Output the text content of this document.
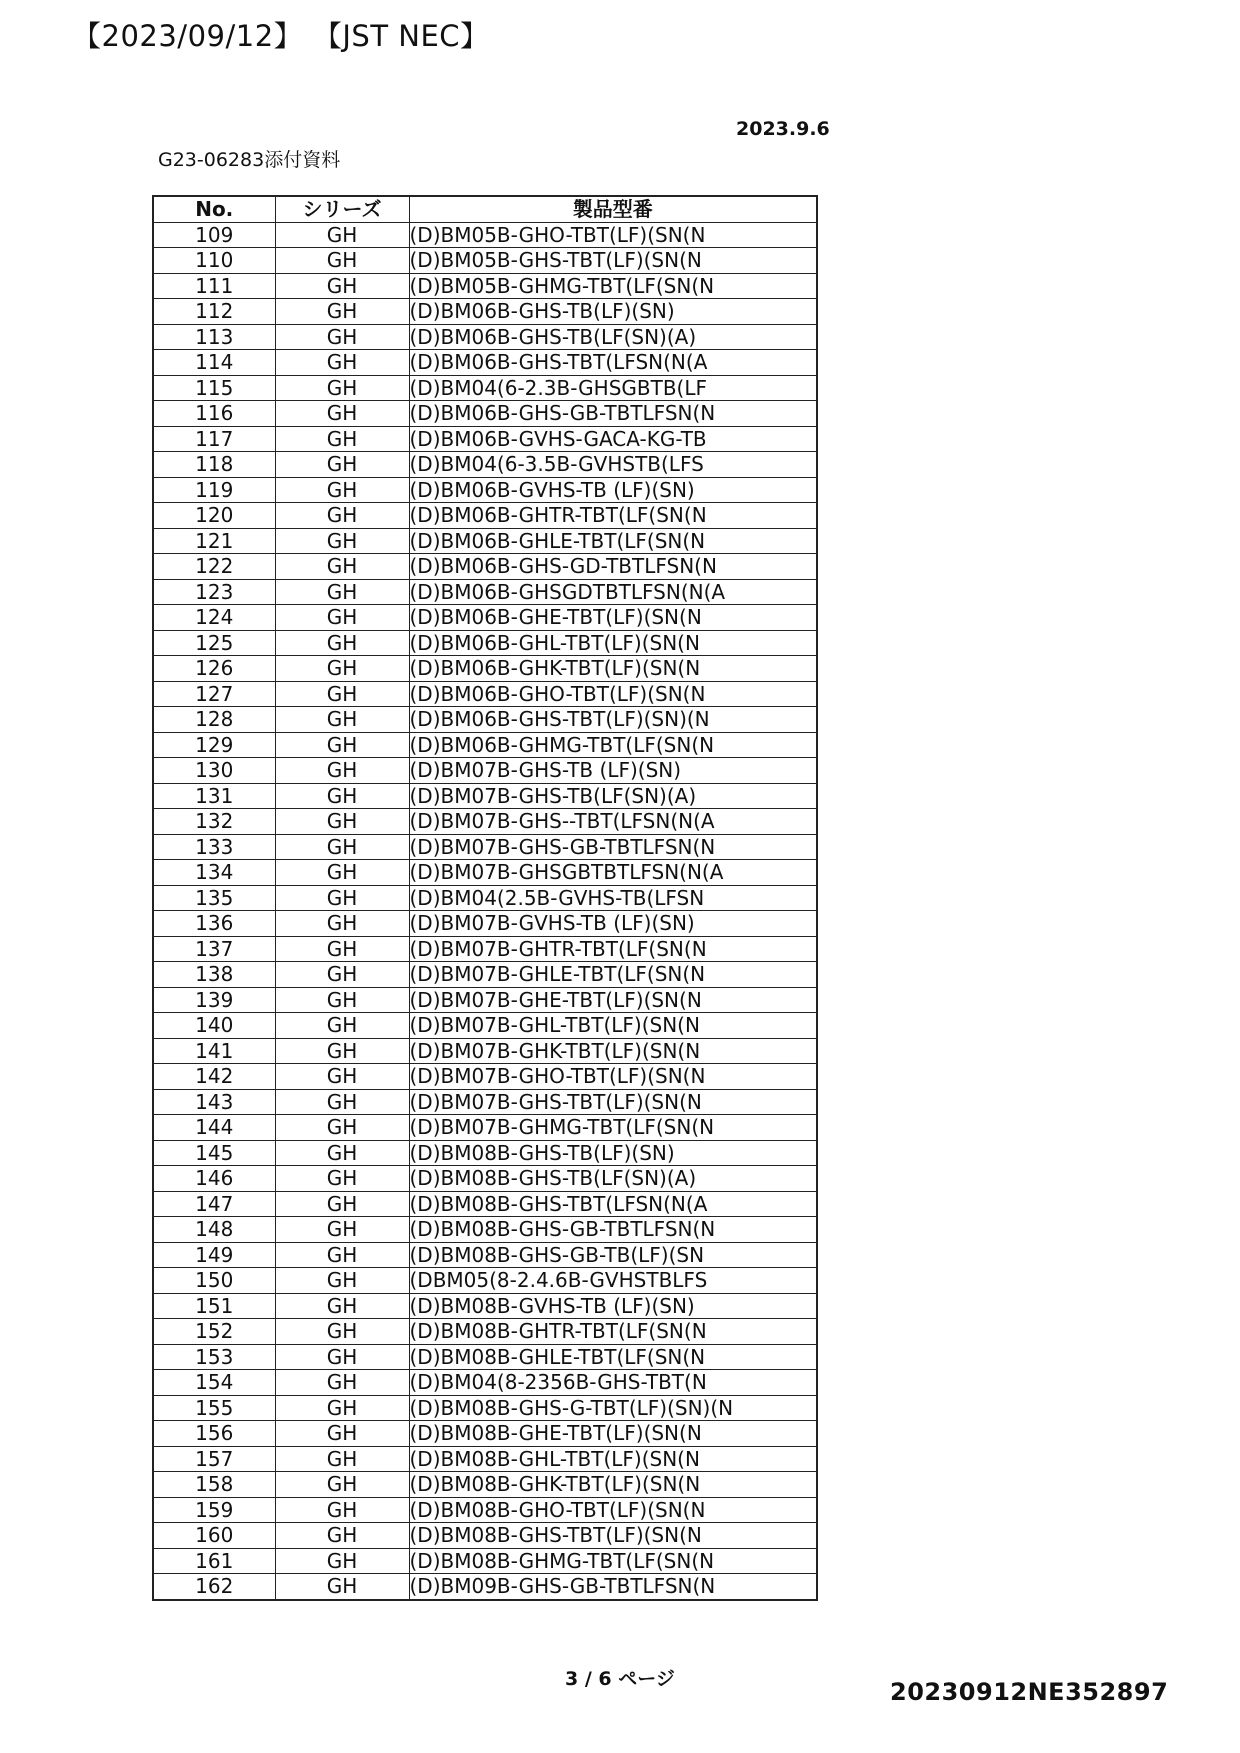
【2023/09/12】 【JST NEC】
2023.9.6
G23-06283添付資料
No.	シリーズ	製品型番
109	GH	(D)BM05B-GHO-TBT(LF)(SN(N
110	GH	(D)BM05B-GHS-TBT(LF)(SN(N
111	GH	(D)BM05B-GHMG-TBT(LF(SN(N
112	GH	(D)BM06B-GHS-TB(LF)(SN)
113	GH	(D)BM06B-GHS-TB(LF(SN)(A)
114	GH	(D)BM06B-GHS-TBT(LFSN(N(A
115	GH	(D)BM04(6-2.3B-GHSGBTB(LF
116	GH	(D)BM06B-GHS-GB-TBTLFSN(N
117	GH	(D)BM06B-GVHS-GACA-KG-TB
118	GH	(D)BM04(6-3.5B-GVHSTB(LFS
119	GH	(D)BM06B-GVHS-TB (LF)(SN)
120	GH	(D)BM06B-GHTR-TBT(LF(SN(N
121	GH	(D)BM06B-GHLE-TBT(LF(SN(N
122	GH	(D)BM06B-GHS-GD-TBTLFSN(N
123	GH	(D)BM06B-GHSGDTBTLFSN(N(A
124	GH	(D)BM06B-GHE-TBT(LF)(SN(N
125	GH	(D)BM06B-GHL-TBT(LF)(SN(N
126	GH	(D)BM06B-GHK-TBT(LF)(SN(N
127	GH	(D)BM06B-GHO-TBT(LF)(SN(N
128	GH	(D)BM06B-GHS-TBT(LF)(SN)(N
129	GH	(D)BM06B-GHMG-TBT(LF(SN(N
130	GH	(D)BM07B-GHS-TB (LF)(SN)
131	GH	(D)BM07B-GHS-TB(LF(SN)(A)
132	GH	(D)BM07B-GHS--TBT(LFSN(N(A
133	GH	(D)BM07B-GHS-GB-TBTLFSN(N
134	GH	(D)BM07B-GHSGBTBTLFSN(N(A
135	GH	(D)BM04(2.5B-GVHS-TB(LFSN
136	GH	(D)BM07B-GVHS-TB (LF)(SN)
137	GH	(D)BM07B-GHTR-TBT(LF(SN(N
138	GH	(D)BM07B-GHLE-TBT(LF(SN(N
139	GH	(D)BM07B-GHE-TBT(LF)(SN(N
140	GH	(D)BM07B-GHL-TBT(LF)(SN(N
141	GH	(D)BM07B-GHK-TBT(LF)(SN(N
142	GH	(D)BM07B-GHO-TBT(LF)(SN(N
143	GH	(D)BM07B-GHS-TBT(LF)(SN(N
144	GH	(D)BM07B-GHMG-TBT(LF(SN(N
145	GH	(D)BM08B-GHS-TB(LF)(SN)
146	GH	(D)BM08B-GHS-TB(LF(SN)(A)
147	GH	(D)BM08B-GHS-TBT(LFSN(N(A
148	GH	(D)BM08B-GHS-GB-TBTLFSN(N
149	GH	(D)BM08B-GHS-GB-TB(LF)(SN
150	GH	(DBM05(8-2.4.6B-GVHSTBLFS
151	GH	(D)BM08B-GVHS-TB (LF)(SN)
152	GH	(D)BM08B-GHTR-TBT(LF(SN(N
153	GH	(D)BM08B-GHLE-TBT(LF(SN(N
154	GH	(D)BM04(8-2356B-GHS-TBT(N
155	GH	(D)BM08B-GHS-G-TBT(LF)(SN)(N
156	GH	(D)BM08B-GHE-TBT(LF)(SN(N
157	GH	(D)BM08B-GHL-TBT(LF)(SN(N
158	GH	(D)BM08B-GHK-TBT(LF)(SN(N
159	GH	(D)BM08B-GHO-TBT(LF)(SN(N
160	GH	(D)BM08B-GHS-TBT(LF)(SN(N
161	GH	(D)BM08B-GHMG-TBT(LF(SN(N
162	GH	(D)BM09B-GHS-GB-TBTLFSN(N
3 / 6 ページ	20230912NE352897
